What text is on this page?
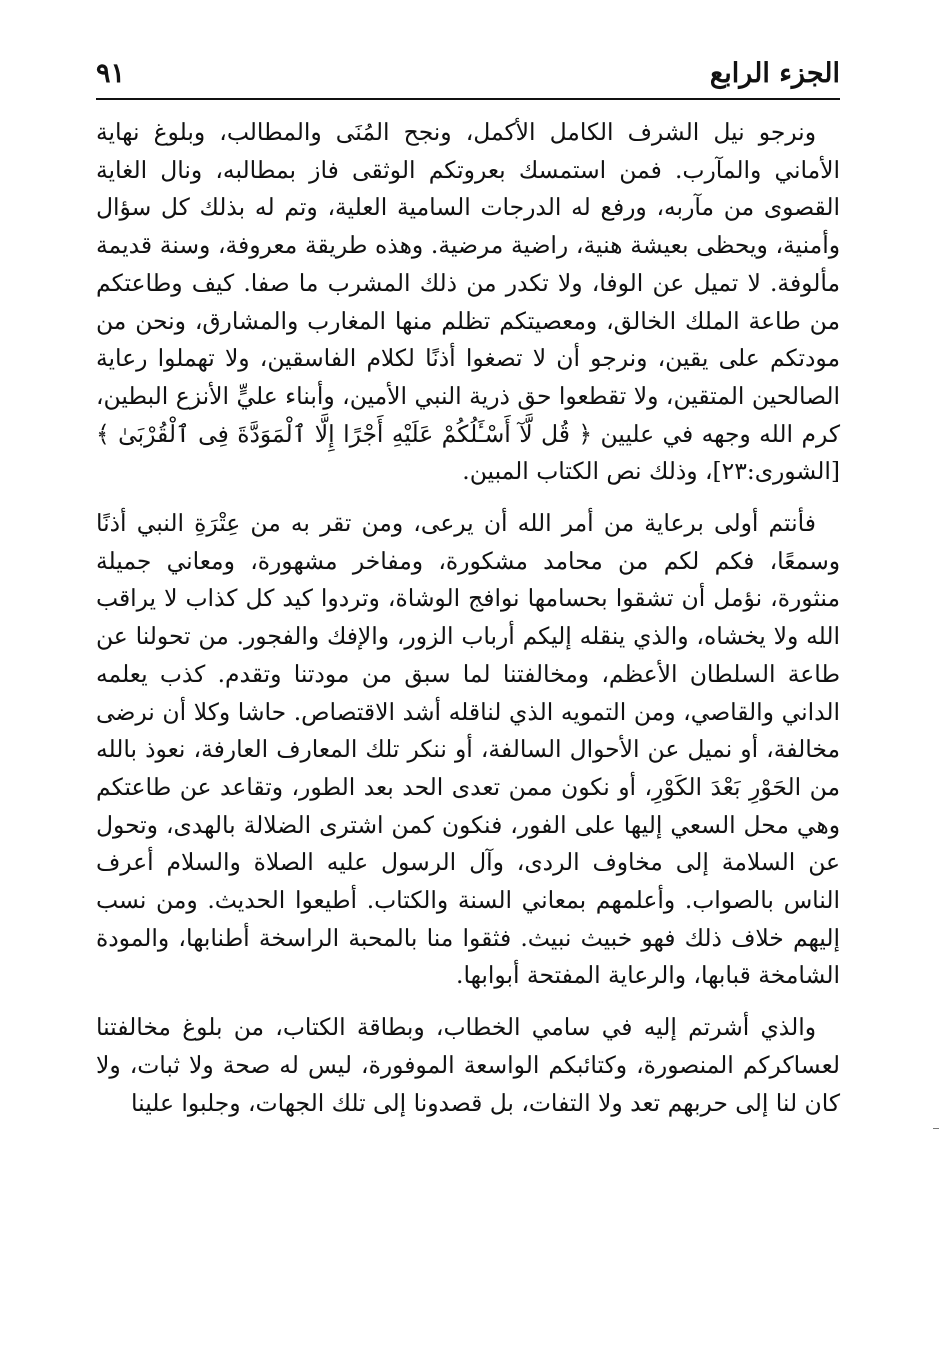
الجزء الرابع
٩١

ونرجو نيل الشرف الكامل الأكمل، ونجح المُنَى والمطالب، وبلوغ نهاية الأماني والمآرب. فمن استمسك بعروتكم الوثقى فاز بمطالبه، ونال الغاية القصوى من مآربه، ورفع له الدرجات السامية العلية، وتم له بذلك كل سؤال وأمنية، ويحظى بعيشة هنية، راضية مرضية. وهذه طريقة معروفة، وسنة قديمة مألوفة. لا تميل عن الوفا، ولا تكدر من ذلك المشرب ما صفا. كيف وطاعتكم من طاعة الملك الخالق، ومعصيتكم تظلم منها المغارب والمشارق، ونحن من مودتكم على يقين، ونرجو أن لا تصغوا أذنًا لكلام الفاسقين، ولا تهملوا رعاية الصالحين المتقين، ولا تقطعوا حق ذرية النبي الأمين، وأبناء عليٍّ الأنزع البطين، كرم الله وجهه في عليين ﴿ قُل لَّآ أَسْـَٔلُكُمْ عَلَيْهِ أَجْرًا إِلَّا ٱلْمَوَدَّةَ فِى ٱلْقُرْبَىٰ ﴾ [الشورى:٢٣]، وذلك نص الكتاب المبين.

فأنتم أولى برعاية من أمر الله أن يرعى، ومن تقر به من عِتْرَةِ النبي أذنًا وسمعًا، فكم لكم من محامد مشكورة، ومفاخر مشهورة، ومعاني جميلة منثورة، نؤمل أن تشقوا بحسامها نوافج الوشاة، وتردوا كيد كل كذاب لا يراقب الله ولا يخشاه، والذي ينقله إليكم أرباب الزور، والإفك والفجور. من تحولنا عن طاعة السلطان الأعظم، ومخالفتنا لما سبق من مودتنا وتقدم. كذب يعلمه الداني والقاصي، ومن التمويه الذي لناقله أشد الاقتصاص. حاشا وكلا أن نرضى مخالفة، أو نميل عن الأحوال السالفة، أو ننكر تلك المعارف العارفة، نعوذ بالله من الحَوْرِ بَعْدَ الكَوْرِ، أو نكون ممن تعدى الحد بعد الطور، وتقاعد عن طاعتكم وهي محل السعي إليها على الفور، فنكون كمن اشترى الضلالة بالهدى، وتحول عن السلامة إلى مخاوف الردى، وآل الرسول عليه الصلاة والسلام أعرف الناس بالصواب. وأعلمهم بمعاني السنة والكتاب. أطيعوا الحديث. ومن نسب إليهم خلاف ذلك فهو خبيث نبيث. فثقوا منا بالمحبة الراسخة أطنابها، والمودة الشامخة قبابها، والرعاية المفتحة أبوابها.

والذي أشرتم إليه في سامي الخطاب، وبطاقة الكتاب، من بلوغ مخالفتنا لعساكركم المنصورة، وكتائبكم الواسعة الموفورة، ليس له صحة ولا ثبات، ولا كان لنا إلى حربهم تعد ولا التفات، بل قصدونا إلى تلك الجهات، وجلبوا علينا
